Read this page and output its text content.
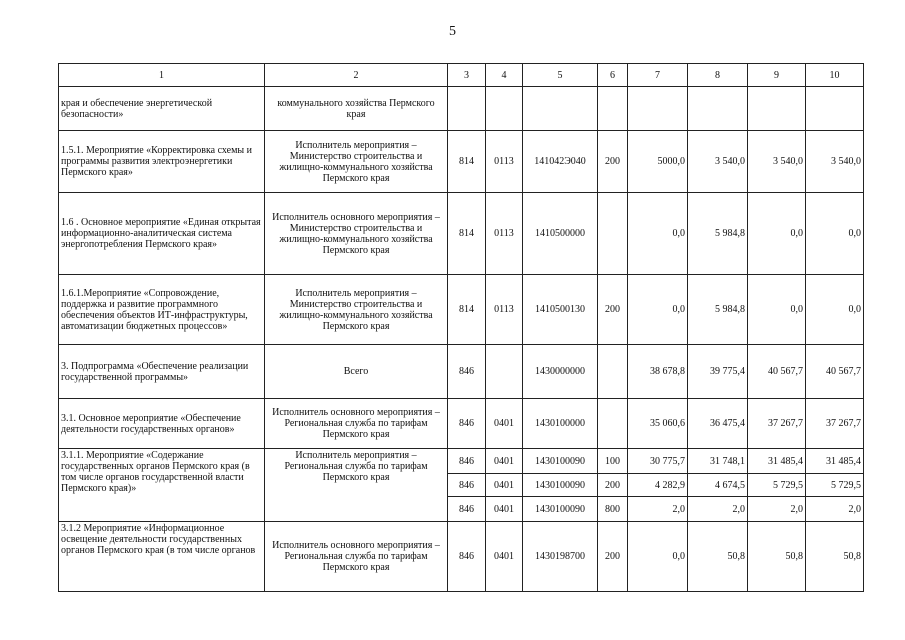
5
1	2	3	4	5	6	7	8	9	10
края и обеспечение энергетической безопасности»	коммунального хозяйства Пермского края								
1.5.1. Мероприятие «Корректировка схемы и программы развития электроэнергетики Пермского края»	Исполнитель мероприятия – Министерство строительства и жилищно-коммунального хозяйства Пермского края	814	0113	141042Э040	200	5000,0	3 540,0	3 540,0	3 540,0
1.6 . Основное мероприятие «Единая открытая информационно-аналитическая система энергопотребления Пермского края»	Исполнитель основного мероприятия – Министерство строительства и жилищно-коммунального хозяйства Пермского края	814	0113	1410500000		0,0	5 984,8	0,0	0,0
1.6.1.Мероприятие «Сопровождение, поддержка и развитие программного обеспечения объектов ИТ-инфраструктуры, автоматизации бюджетных процессов»	Исполнитель мероприятия – Министерство строительства и жилищно-коммунального хозяйства Пермского края	814	0113	1410500130	200	0,0	5 984,8	0,0	0,0
3. Подпрограмма «Обеспечение реализации государственной программы»	Всего	846		1430000000		38 678,8	39 775,4	40 567,7	40 567,7
3.1. Основное мероприятие «Обеспечение деятельности государственных органов»	Исполнитель основного мероприятия – Региональная служба по тарифам Пермского края	846	0401	1430100000		35 060,6	36 475,4	37 267,7	37 267,7
3.1.1. Мероприятие «Содержание государственных органов Пермского края (в том числе органов государственной власти Пермского края)»	Исполнитель мероприятия – Региональная служба по тарифам Пермского края	846	0401	1430100090	100	30 775,7	31 748,1	31 485,4	31 485,4
		846	0401	1430100090	200	4 282,9	4 674,5	5 729,5	5 729,5
		846	0401	1430100090	800	2,0	2,0	2,0	2,0
3.1.2 Мероприятие «Информационное освещение деятельности государственных органов Пермского края (в том числе органов	Исполнитель основного мероприятия – Региональная служба по тарифам Пермского края	846	0401	1430198700	200	0,0	50,8	50,8	50,8
